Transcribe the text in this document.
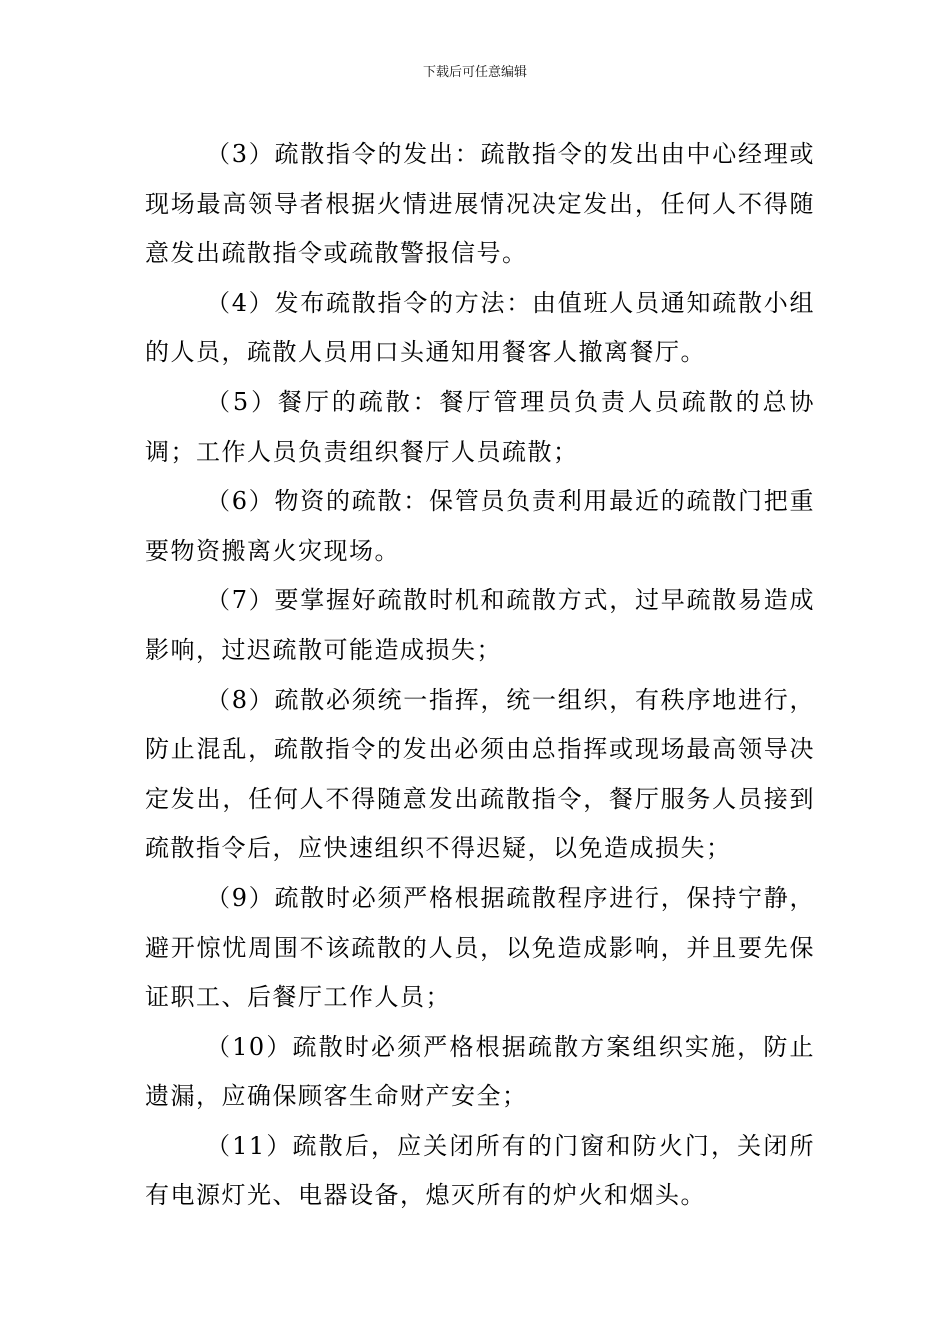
下载后可任意编辑

（3）疏散指令的发出：疏散指令的发出由中心经理或现场最高领导者根据火情进展情况决定发出，任何人不得随意发出疏散指令或疏散警报信号。

（4）发布疏散指令的方法：由值班人员通知疏散小组的人员，疏散人员用口头通知用餐客人撤离餐厅。

（5）餐厅的疏散：餐厅管理员负责人员疏散的总协调；工作人员负责组织餐厅人员疏散；

（6）物资的疏散：保管员负责利用最近的疏散门把重要物资搬离火灾现场。

（7）要掌握好疏散时机和疏散方式，过早疏散易造成影响，过迟疏散可能造成损失；

（8）疏散必须统一指挥，统一组织，有秩序地进行，防止混乱，疏散指令的发出必须由总指挥或现场最高领导决定发出，任何人不得随意发出疏散指令，餐厅服务人员接到疏散指令后，应快速组织不得迟疑，以免造成损失；

（9）疏散时必须严格根据疏散程序进行，保持宁静，避开惊忧周围不该疏散的人员，以免造成影响，并且要先保证职工、后餐厅工作人员；

（10）疏散时必须严格根据疏散方案组织实施，防止遗漏，应确保顾客生命财产安全；

（11）疏散后，应关闭所有的门窗和防火门，关闭所有电源灯光、电器设备，熄灭所有的炉火和烟头。
